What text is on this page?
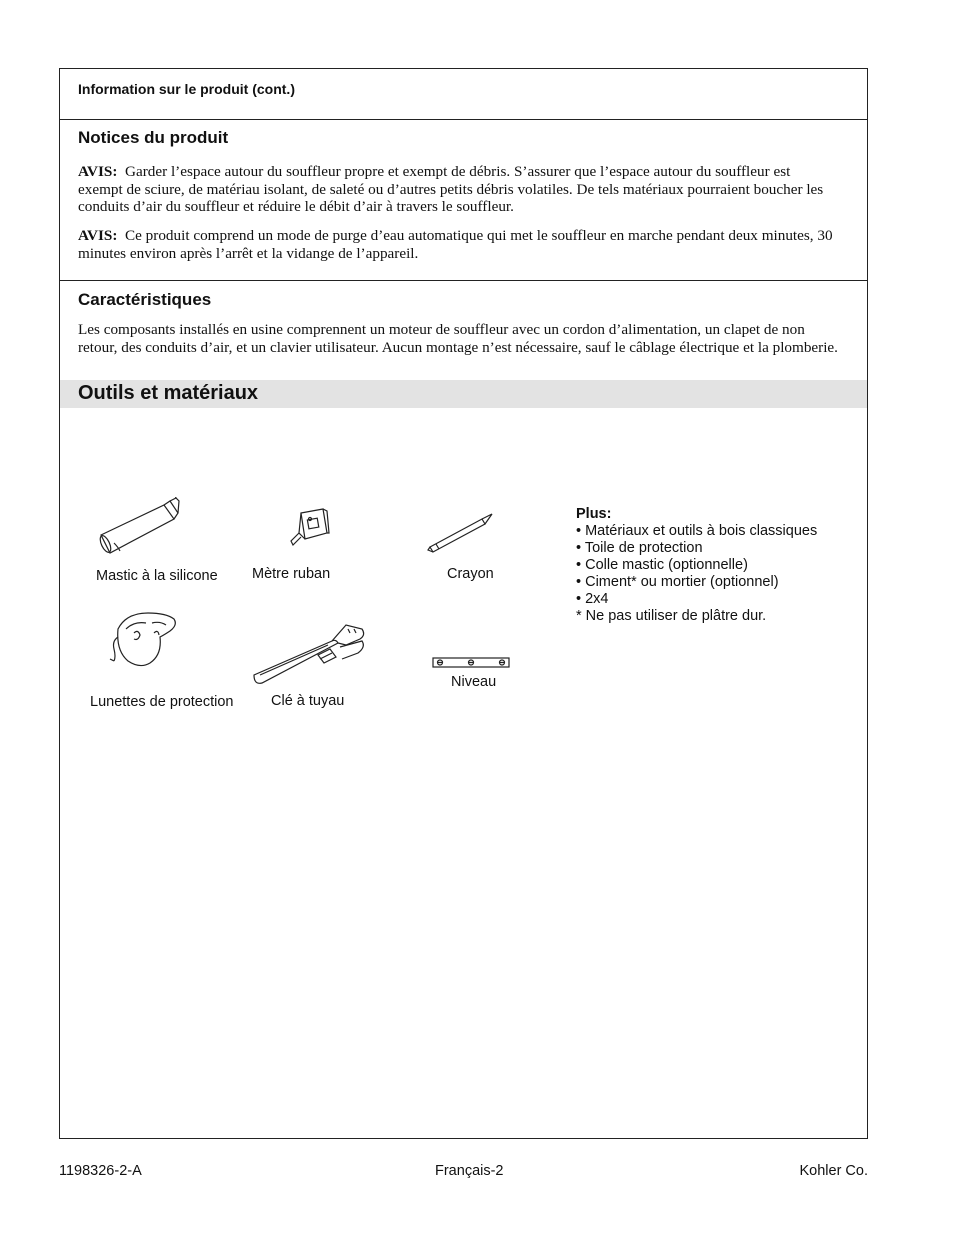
Information sur le produit (cont.)
Notices du produit
AVIS: Garder l’espace autour du souffleur propre et exempt de débris. S’assurer que l’espace autour du souffleur est exempt de sciure, de matériau isolant, de saleté ou d’autres petits débris volatiles. De tels matériaux pourraient boucher les conduits d’air du souffleur et réduire le débit d’air à travers le souffleur.
AVIS: Ce produit comprend un mode de purge d’eau automatique qui met le souffleur en marche pendant deux minutes, 30 minutes environ après l’arrêt et la vidange de l’appareil.
Caractéristiques
Les composants installés en usine comprennent un moteur de souffleur avec un cordon d’alimentation, un clapet de non retour, des conduits d’air, et un clavier utilisateur. Aucun montage n’est nécessaire, sauf le câblage électrique et la plomberie.
Outils et matériaux
Mastic à la silicone Mètre ruban	Crayon
Lunettes de protection	Clé à tuyau
Niveau
Plus:
• Matériaux et outils à bois classiques
• Toile de protection
• Colle mastic (optionnelle)
• Ciment* ou mortier (optionnel)
• 2x4
* Ne pas utiliser de plâtre dur.
1198326-2-A	Français-2	Kohler Co.
